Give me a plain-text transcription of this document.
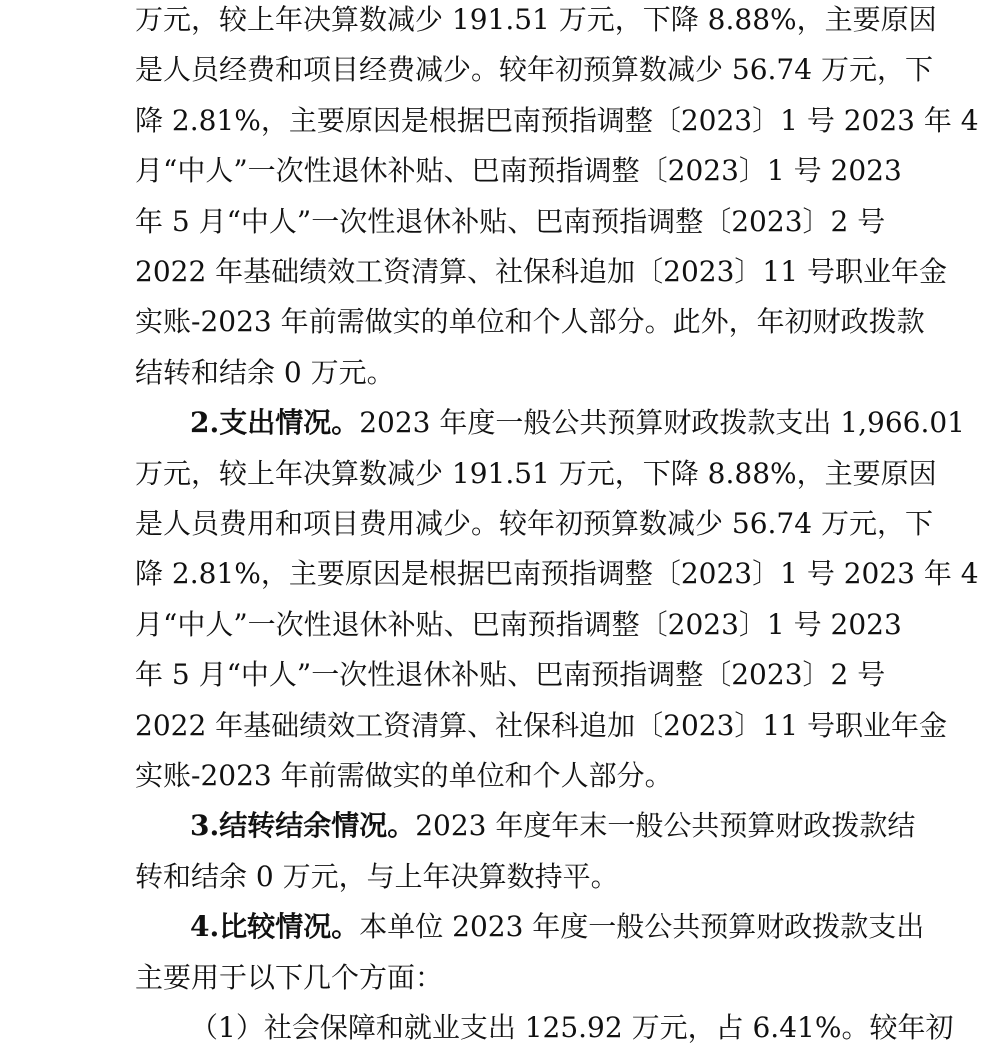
万元，较上年决算数减少 191.51 万元，下降 8.88%，主要原因
是人员经费和项目经费减少。较年初预算数减少 56.74 万元，下
降 2.81%，主要原因是根据巴南预指调整〔2023〕1 号 2023 年 4
月“中人”一次性退休补贴、巴南预指调整〔2023〕1 号 2023
年 5 月“中人”一次性退休补贴、巴南预指调整〔2023〕2 号
2022 年基础绩效工资清算、社保科追加〔2023〕11 号职业年金
实账-2023 年前需做实的单位和个人部分。此外，年初财政拨款
结转和结余 0 万元。
2.支出情况。2023 年度一般公共预算财政拨款支出 1,966.01
万元，较上年决算数减少 191.51 万元，下降 8.88%，主要原因
是人员费用和项目费用减少。较年初预算数减少 56.74 万元，下
降 2.81%，主要原因是根据巴南预指调整〔2023〕1 号 2023 年 4
月“中人”一次性退休补贴、巴南预指调整〔2023〕1 号 2023
年 5 月“中人”一次性退休补贴、巴南预指调整〔2023〕2 号
2022 年基础绩效工资清算、社保科追加〔2023〕11 号职业年金
实账-2023 年前需做实的单位和个人部分。
3.结转结余情况。2023 年度年末一般公共预算财政拨款结
转和结余 0 万元，与上年决算数持平。
4.比较情况。本单位 2023 年度一般公共预算财政拨款支出
主要用于以下几个方面：
（1）社会保障和就业支出 125.92 万元，占 6.41%。较年初
